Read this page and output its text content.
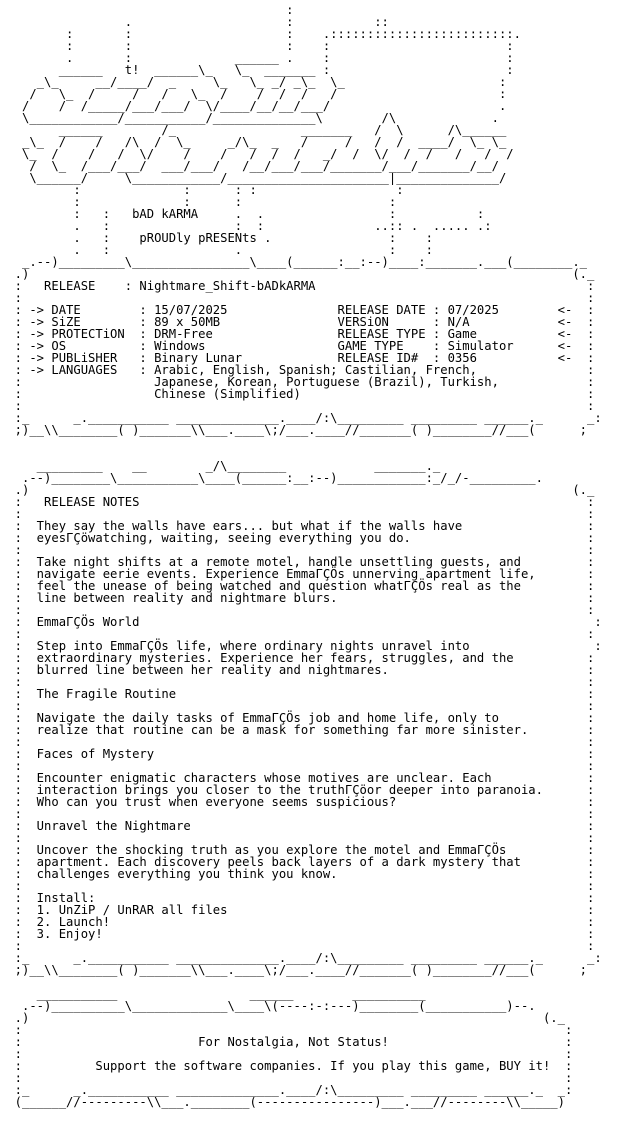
:
.                     :           ::
:       :                     :    .:::::::::::::::::::::::::.
:       :                     :    :                        :
.       :              ______ .    :                        :
______   t!  ______\_   \_  _______ :                        :
_\_     __/____/  _     \_   \_ _/ _\_  \_                     :
/   \_  /     /   /   \_  /    /  /  /   /                      :
/    /  /_____/___/___/  \/____/__/__/___/                       .
\____________/___________/______________\        /\             .
______        /_                 _______   /  \      /\______
_\_  /    /   /\  /  \_     _/\_  _   /     /   /  /  ____/  \_ \_
\_  /    /   /  \/    /    /   /  /  /   _/  /  \/  /  /   /   /  /
/  \_  /___/___/  ___/___/   /__/___/___/_______/___/_______/__/
\______/     \____________/______________________|______________/
:              :      : :                   :
:              :      :                    :
:   :   bAD kARMA     .  .                 :           :
.   :                 :  :               ..:: .  ..... .:
.   :    pROUDly pRESENts .                :    :
.   :                 .                    :    :
_.--)_________\________________\____(______:__:--)____:_______.___(________._
.)                                                                          (._
:   RELEASE    : Nightmare_Shift-bADkARMA                                     :
:                                                                             :
: -> DATE        : 15/07/2025               RELEASE DATE : 07/2025        <-  :
: -> SiZE        : 89 x 50MB                VERSiON      : N/A            <-  :
: -> PROTECTiON  : DRM-Free                 RELEASE TYPE : Game           <-  :
: -> OS          : Windows                  GAME TYPE    : Simulator      <-  :
: -> PUBLiSHER   : Binary Lunar             RELEASE ID#  : 0356           <-  :
: -> LANGUAGES   : Arabic, English, Spanish; Castilian, French,               :
:                  Japanese, Korean, Portuguese (Brazil), Turkish,            :
:                  Chinese (Simplified)                                       :
:                                                                             :
:_      _.___________ ______________.____/:\_________ _________ ______._      _:
;)__\\________( )_______\\___.____\;/___.____//_______( )________//___(      ;

_________    __        _/\________            _______._
.--)________\___________\____(______:__:--)____________:_/_/-_________.
.)                                                                          (._
:   RELEASE NOTES                                                             :
:                                                                             :
:  They say the walls have ears... but what if the walls have                 :
:  eyesΓÇöwatching, waiting, seeing everything you do.                        :
:                                                                             :
:  Take night shifts at a remote motel, handle unsettling guests, and         :
:  navigate eerie events. Experience EmmaΓÇÖs unnerving apartment life,       :
:  feel the unease of being watched and question whatΓÇÖs real as the         :
:  line between reality and nightmare blurs.                                  :
:                                                                             :
:  EmmaΓÇÖs World                                                              :
:                                                                             :
:  Step into EmmaΓÇÖs life, where ordinary nights unravel into                 :
:  extraordinary mysteries. Experience her fears, struggles, and the          :
:  blurred line between her reality and nightmares.                           :
:                                                                             :
:  The Fragile Routine                                                        :
:                                                                             :
:  Navigate the daily tasks of EmmaΓÇÖs job and home life, only to            :
:  realize that routine can be a mask for something far more sinister.        :
:                                                                             :
:  Faces of Mystery                                                           :
:                                                                             :
:  Encounter enigmatic characters whose motives are unclear. Each             :
:  interaction brings you closer to the truthΓÇöor deeper into paranoia.      :
:  Who can you trust when everyone seems suspicious?                          :
:                                                                             :
:  Unravel the Nightmare                                                      :
:                                                                             :
:  Uncover the shocking truth as you explore the motel and EmmaΓÇÖs           :
:  apartment. Each discovery peels back layers of a dark mystery that         :
:  challenges everything you think you know.                                  :
:                                                                             :
:  Install:                                                                   :
:  1. UnZiP / UnRAR all files                                                 :
:  2. Launch!                                                                 :
:  3. Enjoy!                                                                  :
:                                                                             :
:_      _.___________ ______________.____/:\_________ _________ ______._      _:
;)__\\________( )_______\\___.____\;/___.____//_______( )________//___(      ;

___________                  ______        __________
.--)__________\_____________\____\(----:-:---)________(___________)--.
.)                                                                      (._
:                                                                          :
:                        For Nostalgia, Not Status!                        :
:                                                                          :
:          Support the software companies. If you play this game, BUY it!  :
:                                                                          :
:_      _.___________ ______________.____/:\_________ _________ ______._  _:
(______//---------\\___.________(----------------)___.___//--------\\_____)
